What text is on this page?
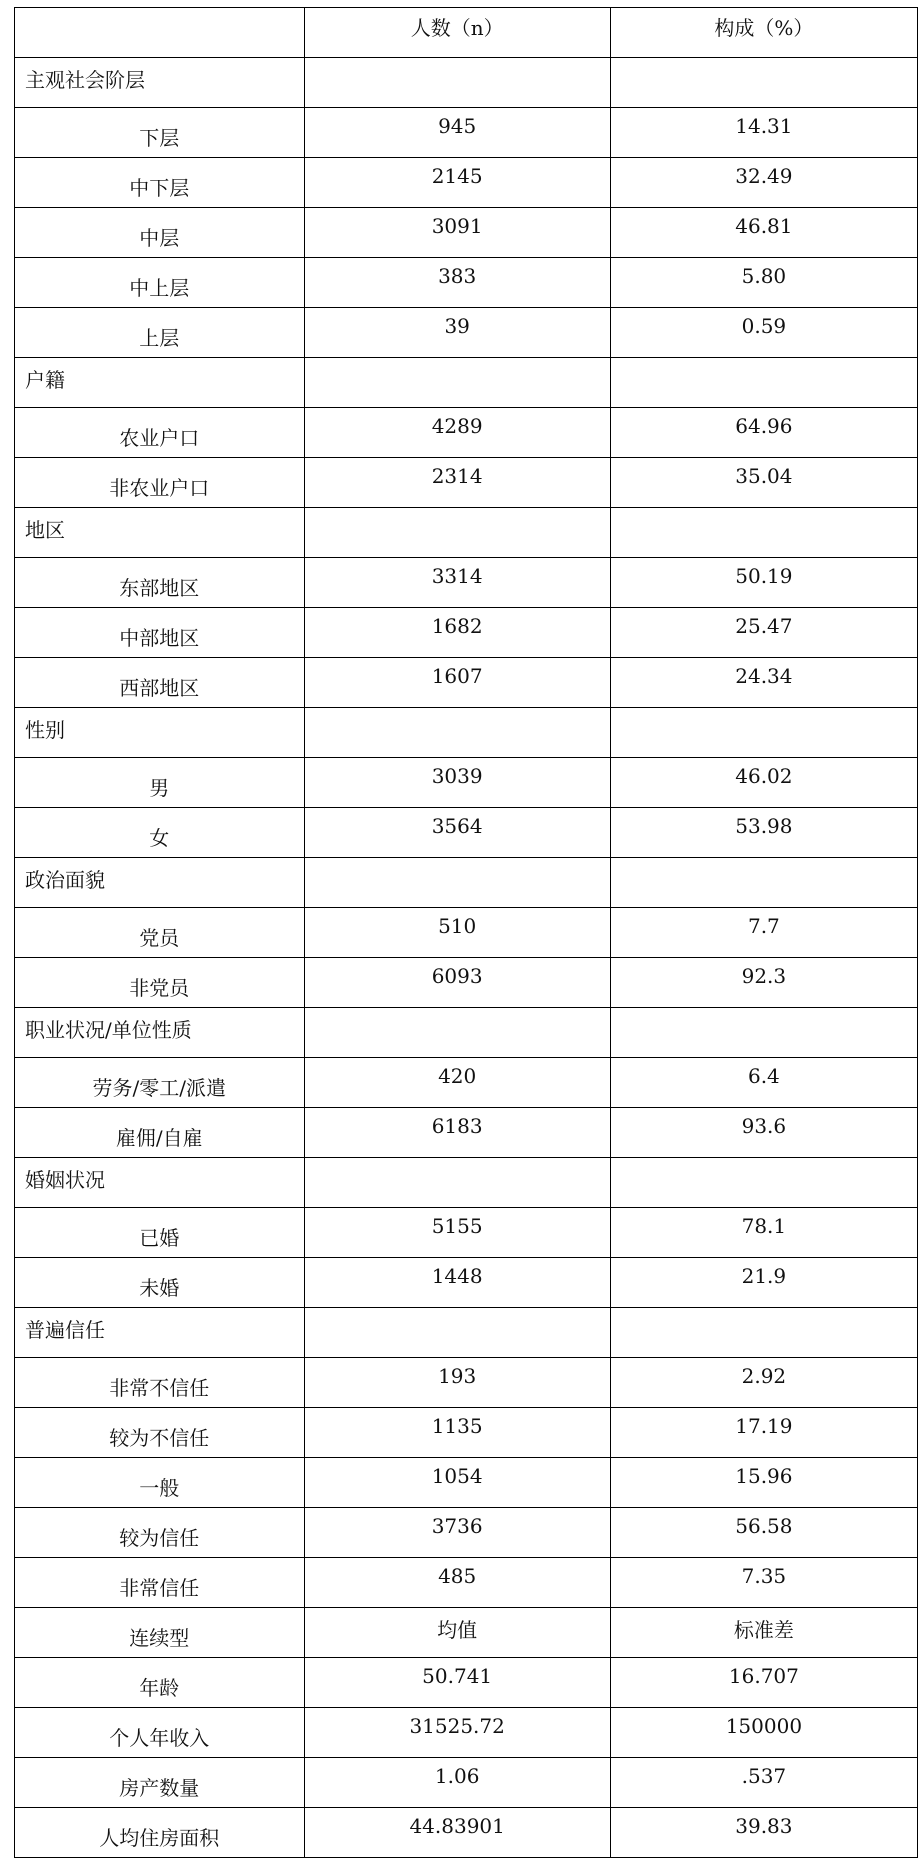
	人数（n）	构成（%）
主观社会阶层		
下层	945	14.31
中下层	2145	32.49
中层	3091	46.81
中上层	383	5.80
上层	39	0.59
户籍		
农业户口	4289	64.96
非农业户口	2314	35.04
地区		
东部地区	3314	50.19
中部地区	1682	25.47
西部地区	1607	24.34
性别		
男	3039	46.02
女	3564	53.98
政治面貌		
党员	510	7.7
非党员	6093	92.3
职业状况/单位性质		
劳务/零工/派遣	420	6.4
雇佣/自雇	6183	93.6
婚姻状况		
已婚	5155	78.1
未婚	1448	21.9
普遍信任		
非常不信任	193	2.92
较为不信任	1135	17.19
一般	1054	15.96
较为信任	3736	56.58
非常信任	485	7.35
连续型	均值	标准差
年龄	50.741	16.707
个人年收入	31525.72	150000
房产数量	1.06	.537
人均住房面积	44.83901	39.83
